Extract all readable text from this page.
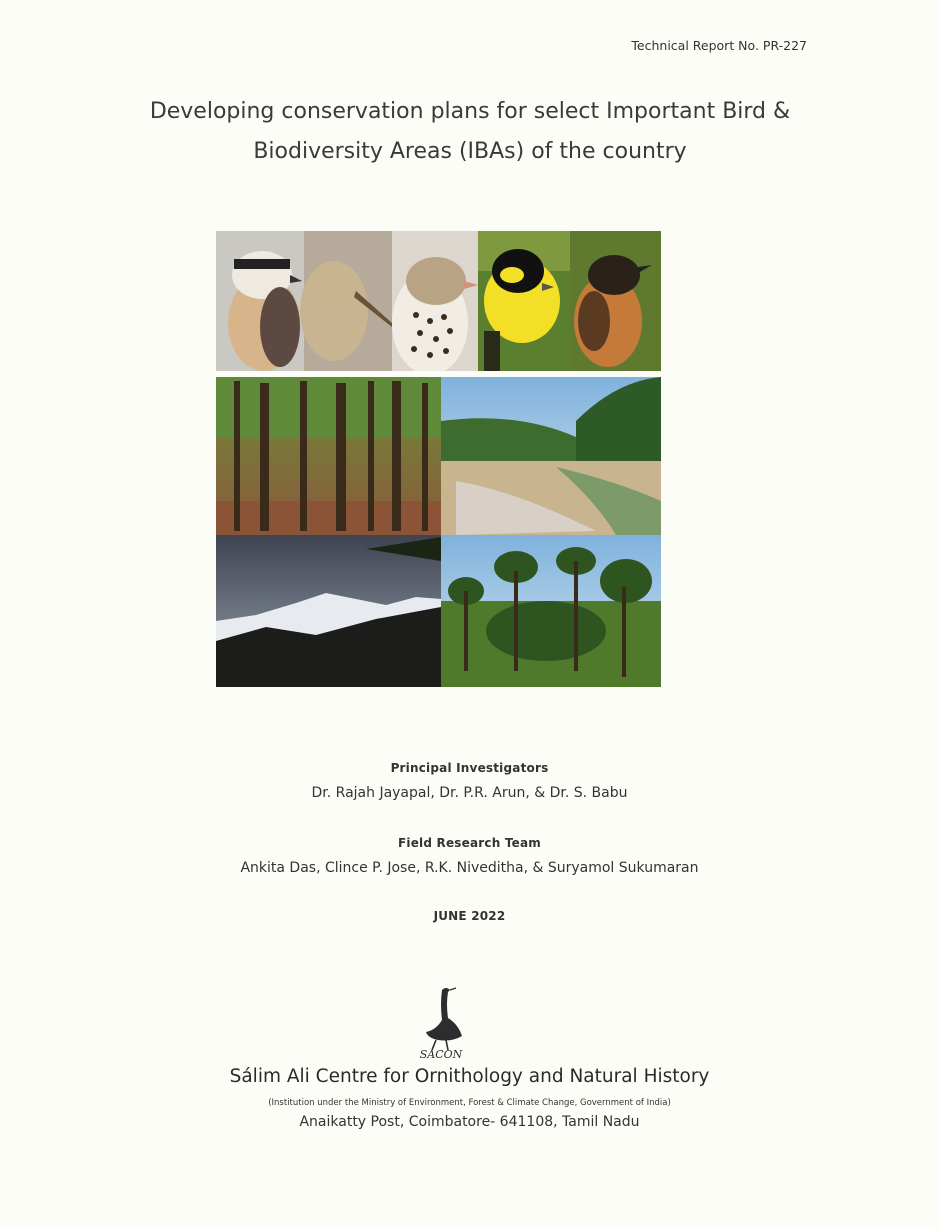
Technical Report No. PR-227
Developing conservation plans for select Important Bird &
Biodiversity Areas (IBAs) of the country
Principal Investigators
Dr. Rajah Jayapal, Dr. P.R. Arun, & Dr. S. Babu
Field Research Team
Ankita Das, Clince P. Jose, R.K. Niveditha, & Suryamol Sukumaran
JUNE 2022
SACON
Sálim Ali Centre for Ornithology and Natural History
(Institution under the Ministry of Environment, Forest & Climate Change, Government of India)
Anaikatty Post, Coimbatore- 641108, Tamil Nadu
